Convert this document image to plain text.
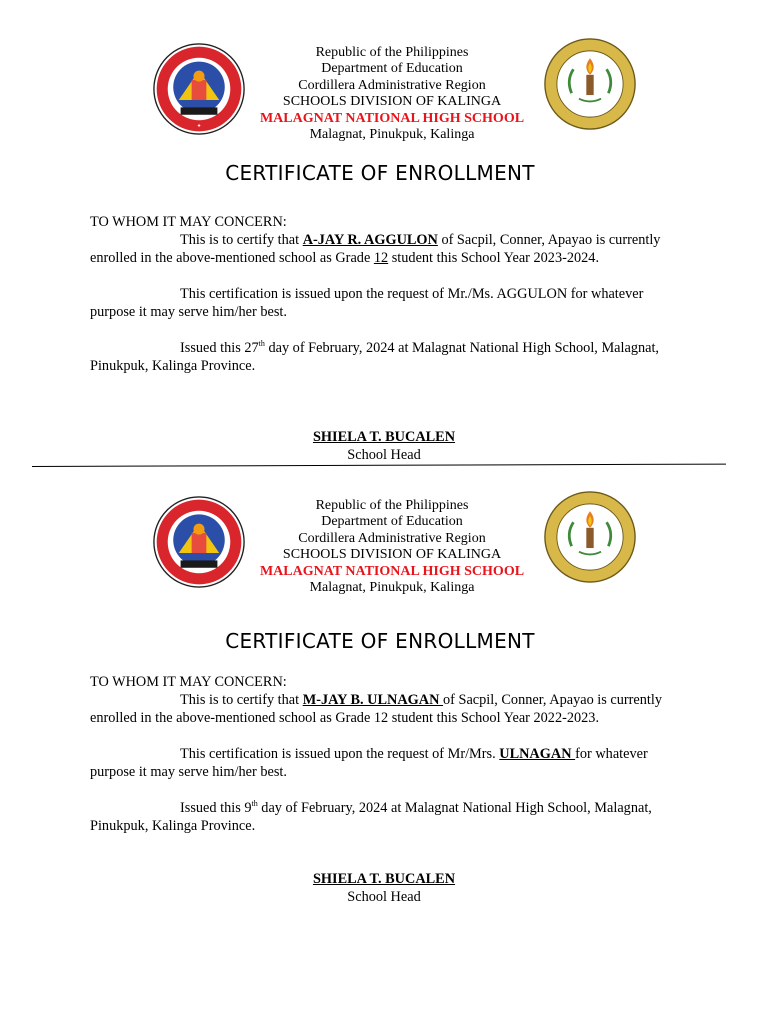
✦
Republic of the Philippines
Department of Education
Cordillera Administrative Region
SCHOOLS DIVISION OF KALINGA
MALAGNAT NATIONAL HIGH SCHOOL
Malagnat, Pinukpuk, Kalinga
CERTIFICATE OF ENROLLMENT

TO WHOM IT MAY CONCERN:

This is to certify that A-JAY R. AGGULON of Sacpil, Conner, Apayao is currently enrolled in the above-mentioned school as Grade 12 student this School Year 2023-2024.

This certification is issued upon the request of Mr./Ms. AGGULON for whatever purpose it may serve him/her best.

Issued this 27th day of February, 2024 at Malagnat National High School, Malagnat, Pinukpuk, Kalinga Province.

SHIELA T. BUCALEN
School Head
Republic of the Philippines
Department of Education
Cordillera Administrative Region
SCHOOLS DIVISION OF KALINGA
MALAGNAT NATIONAL HIGH SCHOOL
Malagnat, Pinukpuk, Kalinga
CERTIFICATE OF ENROLLMENT

TO WHOM IT MAY CONCERN:

This is to certify that M-JAY B. ULNAGAN of Sacpil, Conner, Apayao is currently enrolled in the above-mentioned school as Grade 12 student this School Year 2022-2023.

This certification is issued upon the request of Mr/Mrs. ULNAGAN for whatever purpose it may serve him/her best.

Issued this 9th day of February, 2024 at Malagnat National High School, Malagnat, Pinukpuk, Kalinga Province.

SHIELA T. BUCALEN
School Head
